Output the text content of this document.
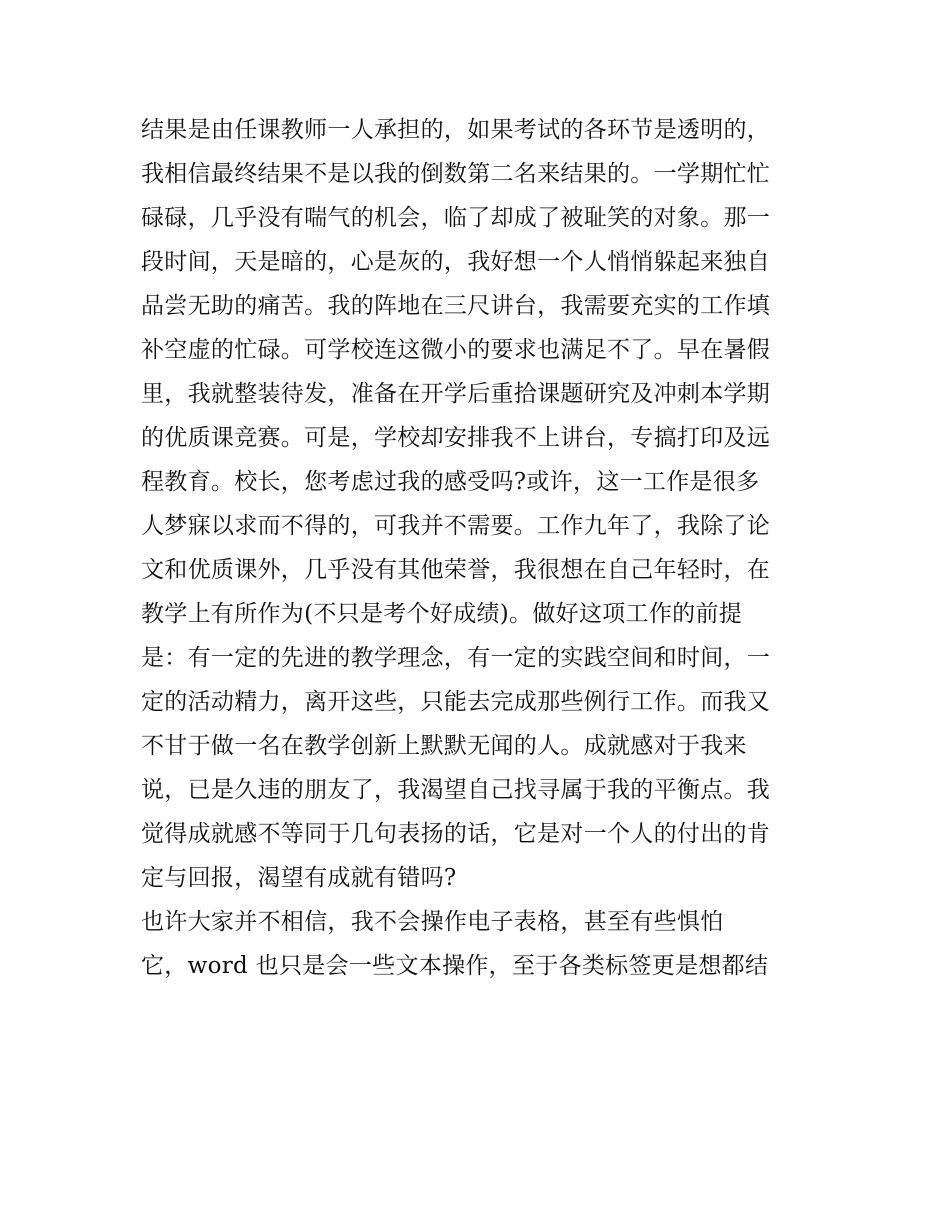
结果是由任课教师一人承担的，如果考试的各环节是透明的，
我相信最终结果不是以我的倒数第二名来结果的。一学期忙忙
碌碌，几乎没有喘气的机会，临了却成了被耻笑的对象。那一
段时间，天是暗的，心是灰的，我好想一个人悄悄躲起来独自
品尝无助的痛苦。我的阵地在三尺讲台，我需要充实的工作填
补空虚的忙碌。可学校连这微小的要求也满足不了。早在暑假
里，我就整装待发，准备在开学后重拾课题研究及冲刺本学期
的优质课竞赛。可是，学校却安排我不上讲台，专搞打印及远
程教育。校长，您考虑过我的感受吗?或许，这一工作是很多
人梦寐以求而不得的，可我并不需要。工作九年了，我除了论
文和优质课外，几乎没有其他荣誉，我很想在自己年轻时，在
教学上有所作为(不只是考个好成绩)。做好这项工作的前提
是：有一定的先进的教学理念，有一定的实践空间和时间，一
定的活动精力，离开这些，只能去完成那些例行工作。而我又
不甘于做一名在教学创新上默默无闻的人。成就感对于我来
说，已是久违的朋友了，我渴望自己找寻属于我的平衡点。我
觉得成就感不等同于几句表扬的话，它是对一个人的付出的肯
定与回报，渴望有成就有错吗?
也许大家并不相信，我不会操作电子表格，甚至有些惧怕
它，word 也只是会一些文本操作，至于各类标签更是想都结
